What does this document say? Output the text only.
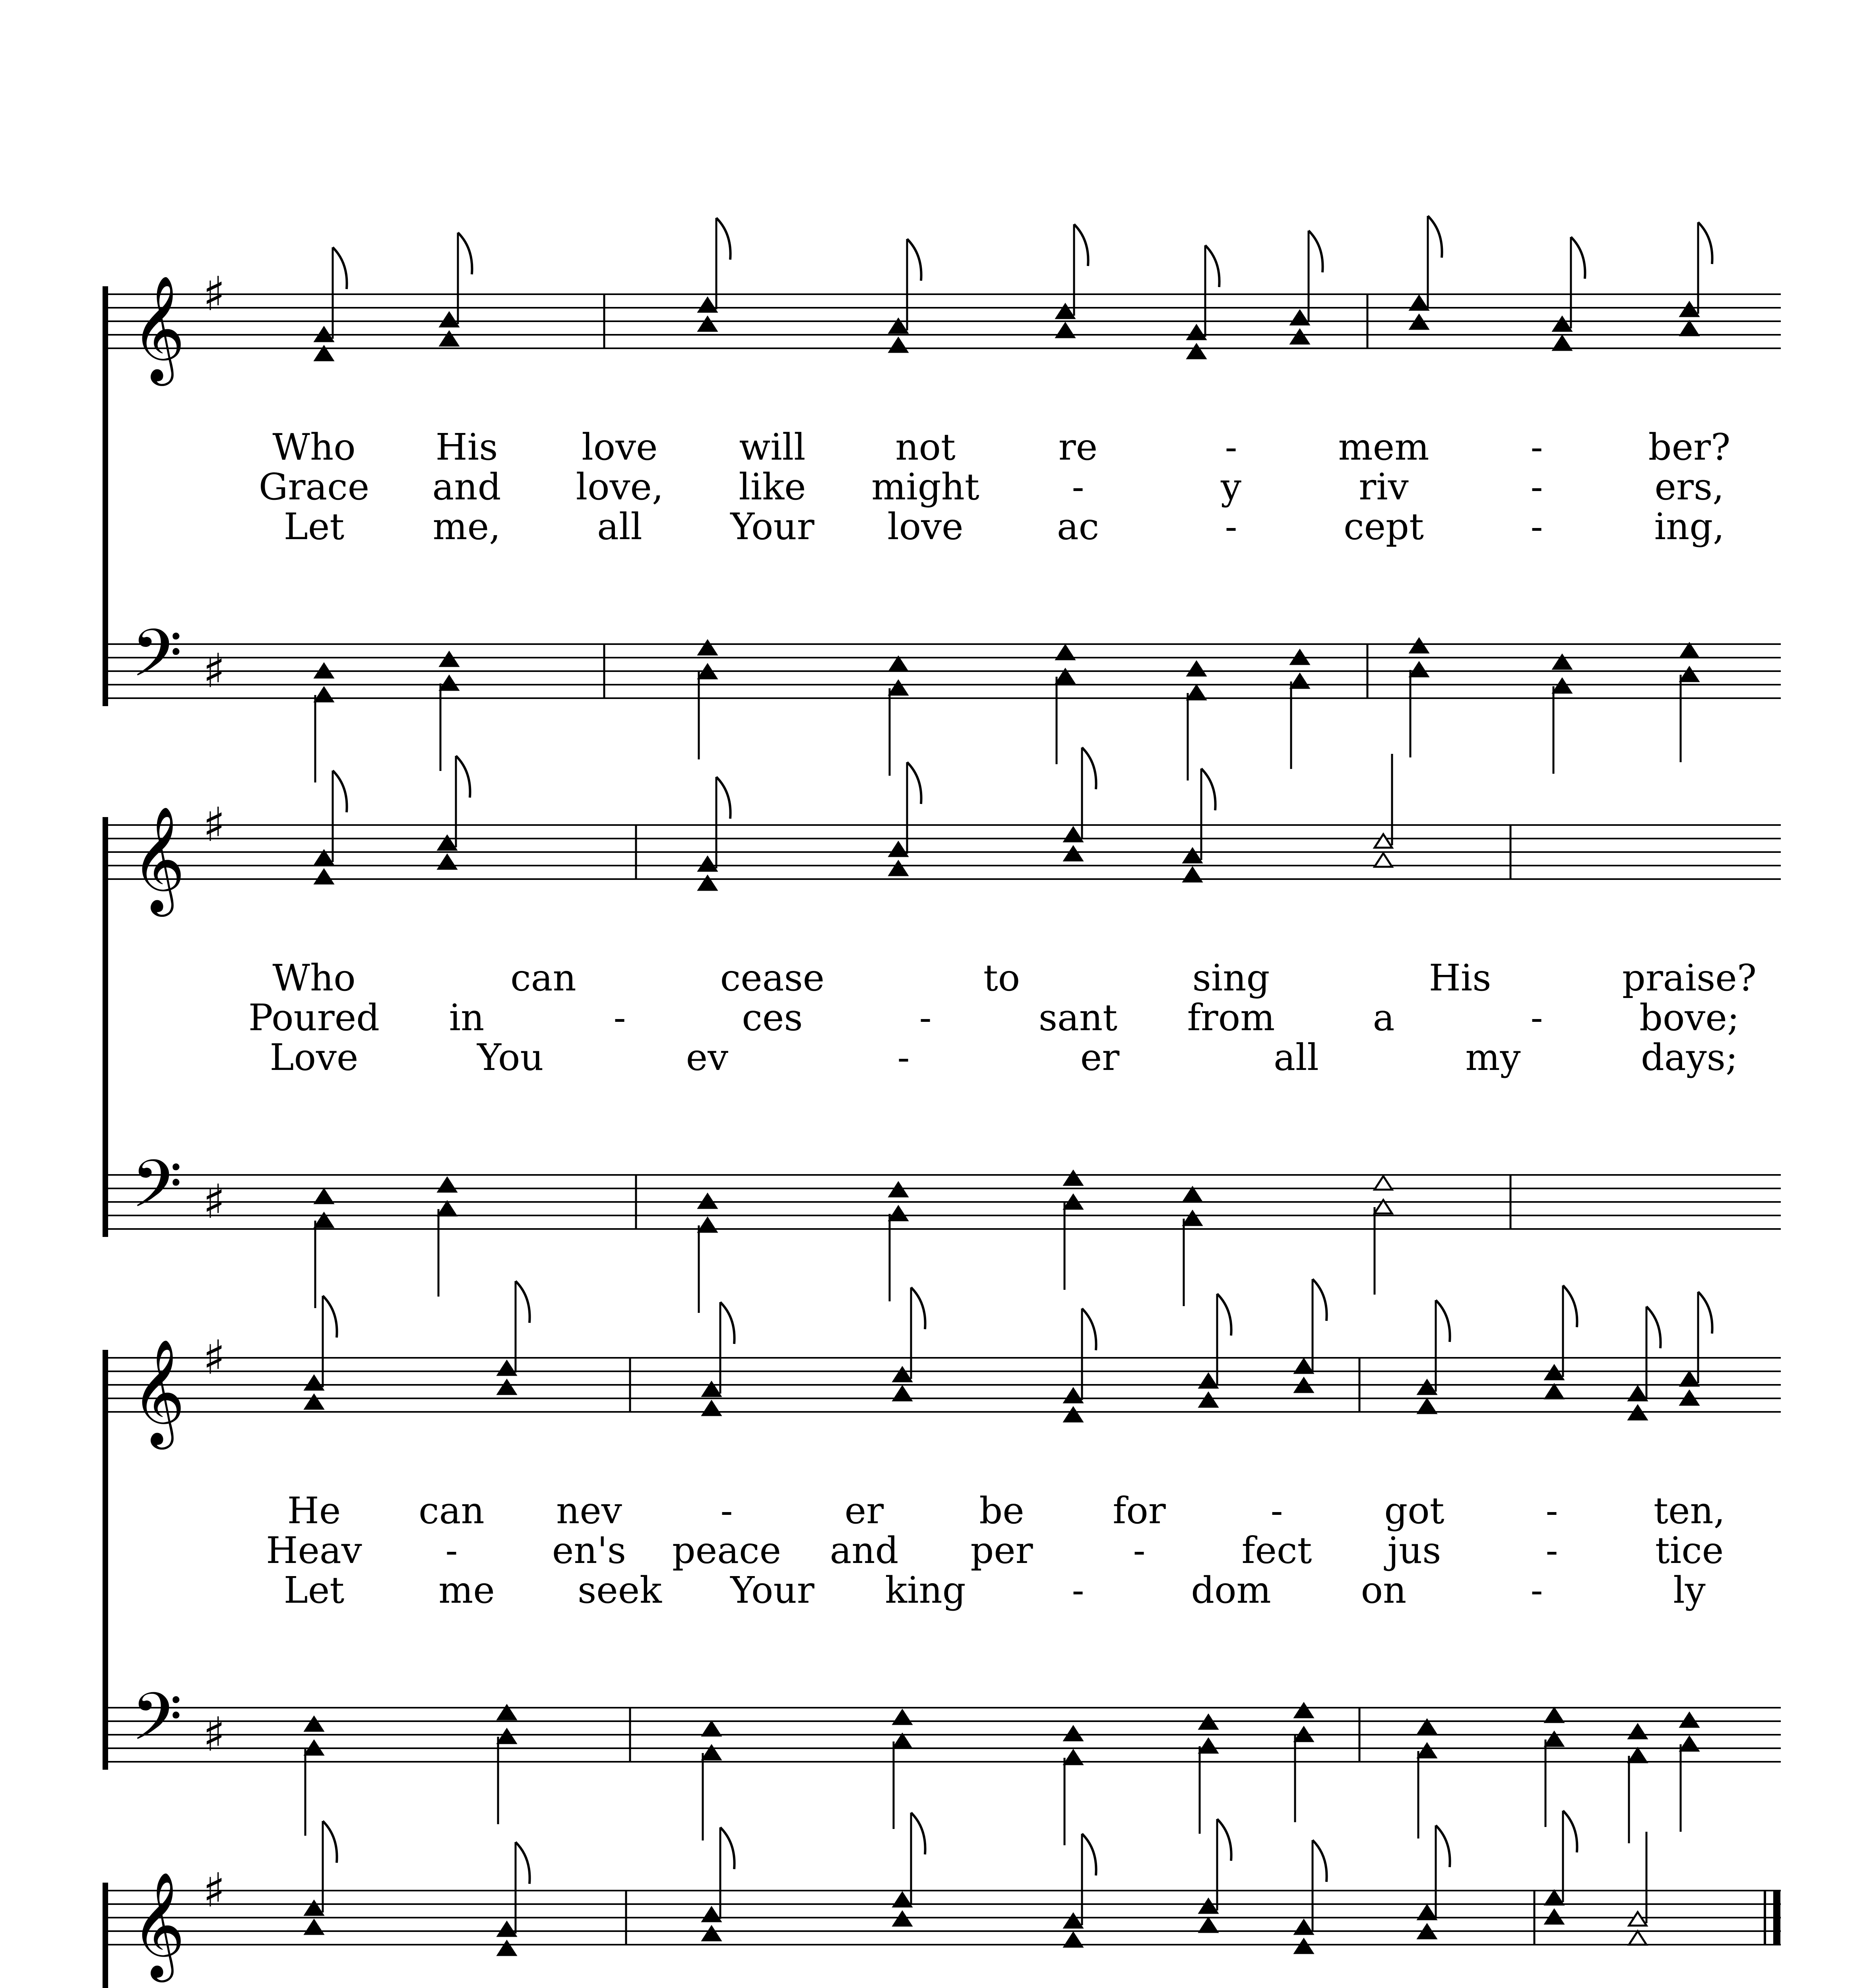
𝄞
𝄢
♯
♯
Who His love will not	re	-	mem	-	ber?
Grace and love, like might	-	y	riv	-	ers,
Let me,	all Your love	ac	-	cept	-	ing,
𝄞
𝄢
♯
♯
Who	can	cease	to	sing	His	praise?
Poured in	-	ces	-	sant from	a	-	bove;
Love	You	ev	-	er	all	my	days;
𝄞
𝄢
♯
♯
He can nev	-	er	be for	-	got	-	ten,
Heav -	en's peace and per	-	fect jus	-	tice
Let	me seek Your king	-	dom on	-	ly
𝄞 ♯
